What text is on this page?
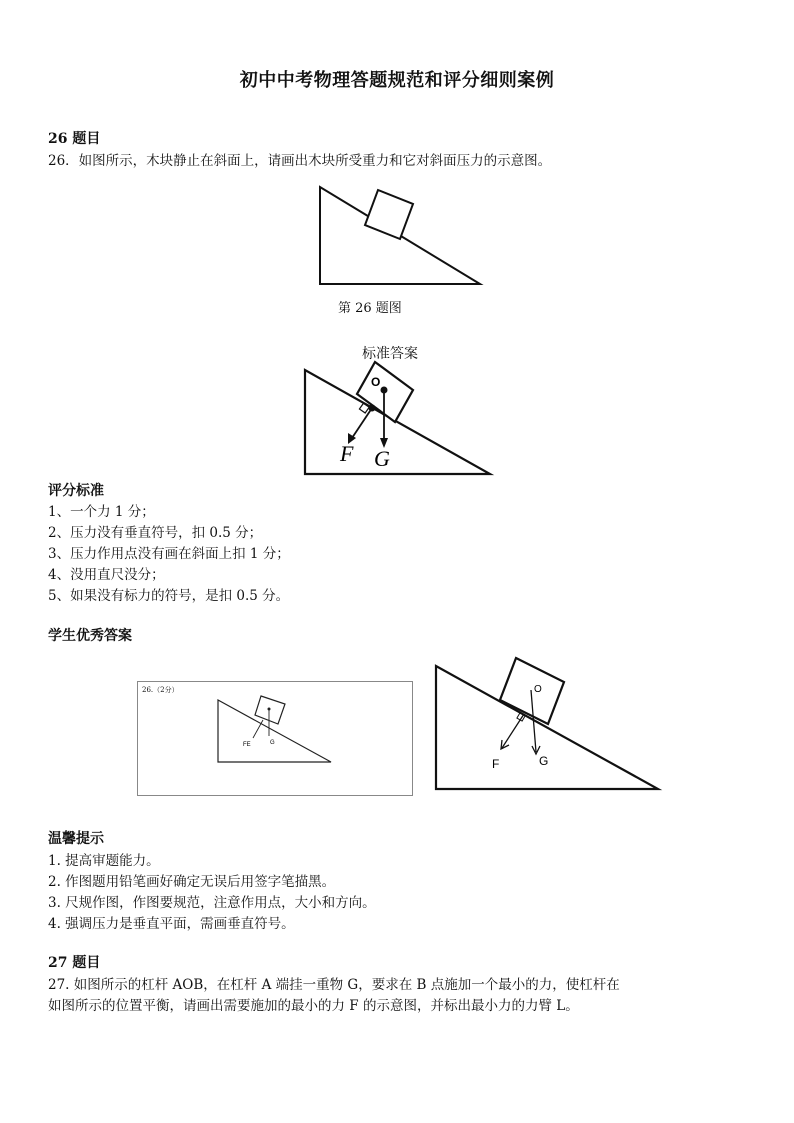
初中中考物理答题规范和评分细则案例
26 题目
26．如图所示，木块静止在斜面上，请画出木块所受重力和它对斜面压力的示意图。
第 26 题图
标准答案
O
F G
评分标准
1、一个力 1 分；
2、压力没有垂直符号，扣 0.5 分；
3、压力作用点没有画在斜面上扣 1 分；
4、没用直尺没分；
5、如果没有标力的符号，是扣 0.5 分。
学生优秀答案
26.（2分）
FE	G
O
F	G
温馨提示
1. 提高审题能力。
2. 作图题用铅笔画好确定无误后用签字笔描黑。
3. 尺规作图，作图要规范，注意作用点，大小和方向。
4. 强调压力是垂直平面，需画垂直符号。
27 题目
27. 如图所示的杠杆 AOB，在杠杆 A 端挂一重物 G，要求在 B 点施加一个最小的力，使杠杆在
如图所示的位置平衡，请画出需要施加的最小的力 F 的示意图，并标出最小力的力臂 L。
